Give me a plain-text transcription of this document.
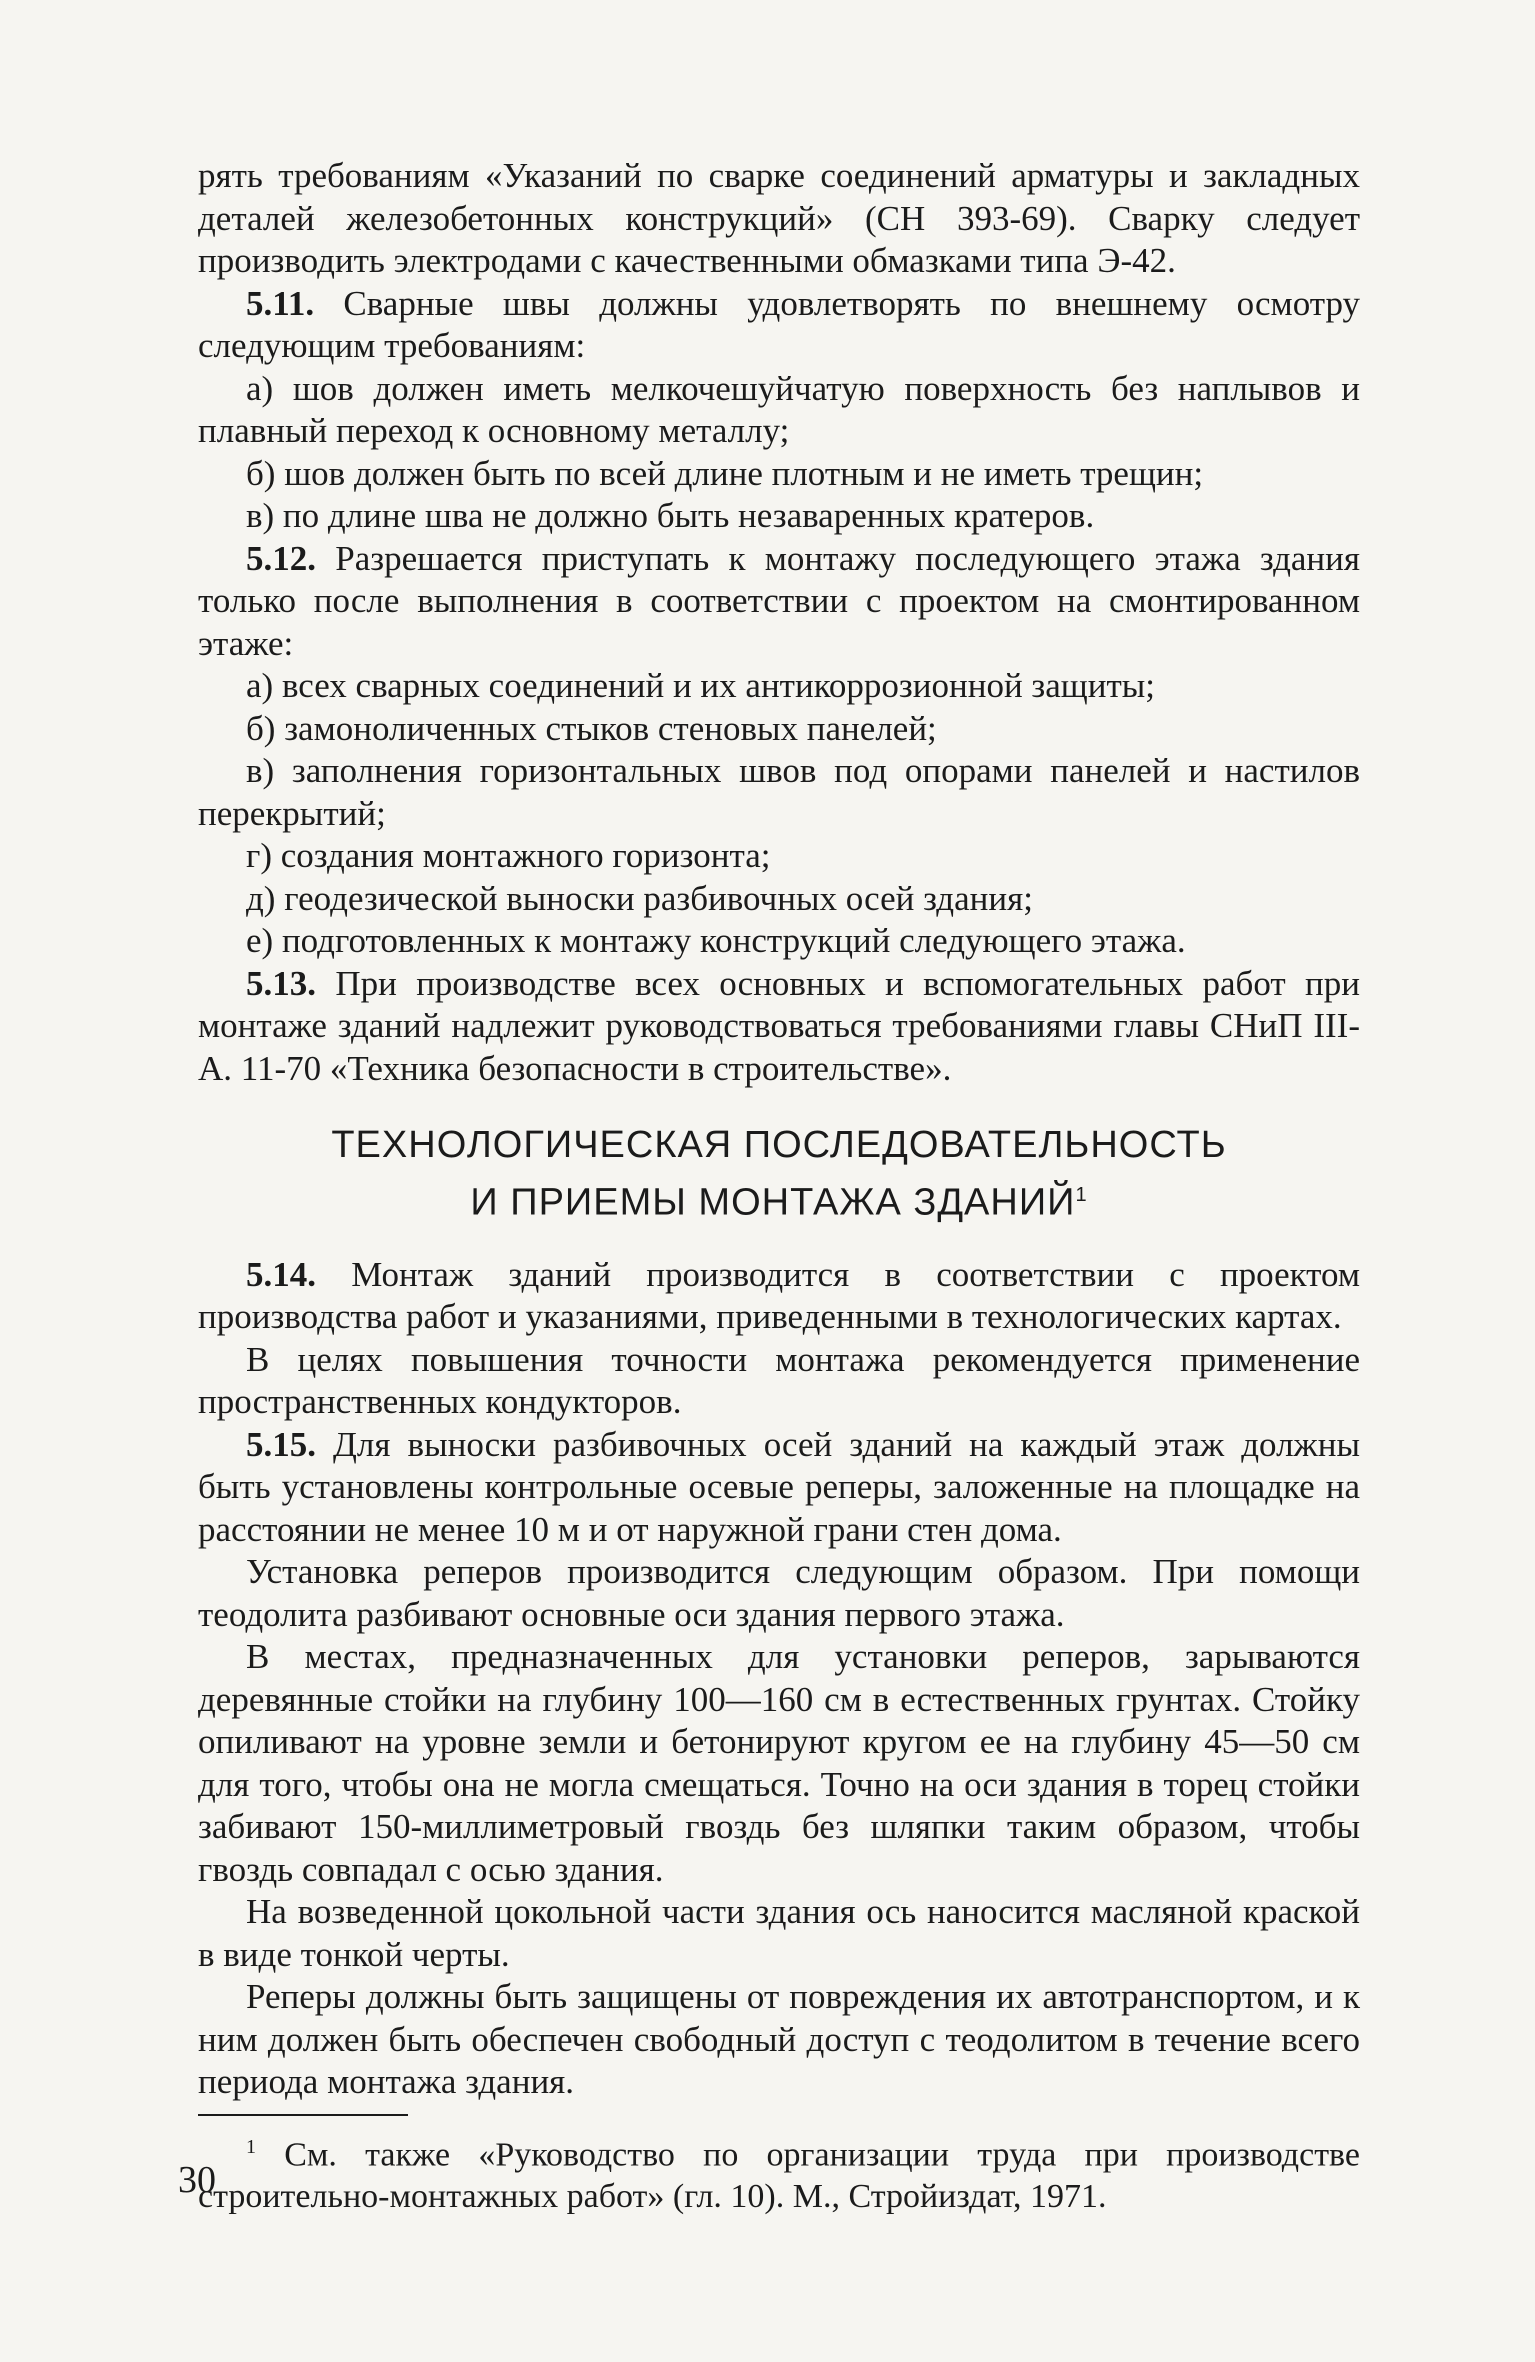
рять требованиям «Указаний по сварке соединений арматуры и закладных деталей железобетонных конструкций» (СН 393-69). Сварку следует производить электродами с качественными обмазками типа Э-42.

5.11. Сварные швы должны удовлетворять по внешнему осмотру следующим требованиям:

а) шов должен иметь мелкочешуйчатую поверхность без наплывов и плавный переход к основному металлу;

б) шов должен быть по всей длине плотным и не иметь трещин;

в) по длине шва не должно быть незаваренных кратеров.

5.12. Разрешается приступать к монтажу последующего этажа здания только после выполнения в соответствии с проектом на смонтированном этаже:

а) всех сварных соединений и их антикоррозионной защиты;

б) замоноличенных стыков стеновых панелей;

в) заполнения горизонтальных швов под опорами панелей и настилов перекрытий;

г) создания монтажного горизонта;

д) геодезической выноски разбивочных осей здания;

е) подготовленных к монтажу конструкций следующего этажа.

5.13. При производстве всех основных и вспомогательных работ при монтаже зданий надлежит руководствоваться требованиями главы СНиП III-А. 11-70 «Техника безопасности в строительстве».

ТЕХНОЛОГИЧЕСКАЯ ПОСЛЕДОВАТЕЛЬНОСТЬ
И ПРИЕМЫ МОНТАЖА ЗДАНИЙ$^1$

5.14. Монтаж зданий производится в соответствии с проектом производства работ и указаниями, приведенными в технологических картах.

В целях повышения точности монтажа рекомендуется применение пространственных кондукторов.

5.15. Для выноски разбивочных осей зданий на каждый этаж должны быть установлены контрольные осевые реперы, заложенные на площадке на расстоянии не менее 10 м и от наружной грани стен дома.

Установка реперов производится следующим образом. При помощи теодолита разбивают основные оси здания первого этажа.

В местах, предназначенных для установки реперов, зарываются деревянные стойки на глубину 100—160 см в естественных грунтах. Стойку опиливают на уровне земли и бетонируют кругом ее на глубину 45—50 см для того, чтобы она не могла смещаться. Точно на оси здания в торец стойки забивают 150-миллиметровый гвоздь без шляпки таким образом, чтобы гвоздь совпадал с осью здания.

На возведенной цокольной части здания ось наносится масляной краской в виде тонкой черты.

Реперы должны быть защищены от повреждения их автотранспортом, и к ним должен быть обеспечен свободный доступ с теодолитом в течение всего периода монтажа здания.

$^1$ См. также «Руководство по организации труда при производстве строительно-монтажных работ» (гл. 10). М., Стройиздат, 1971.

30
